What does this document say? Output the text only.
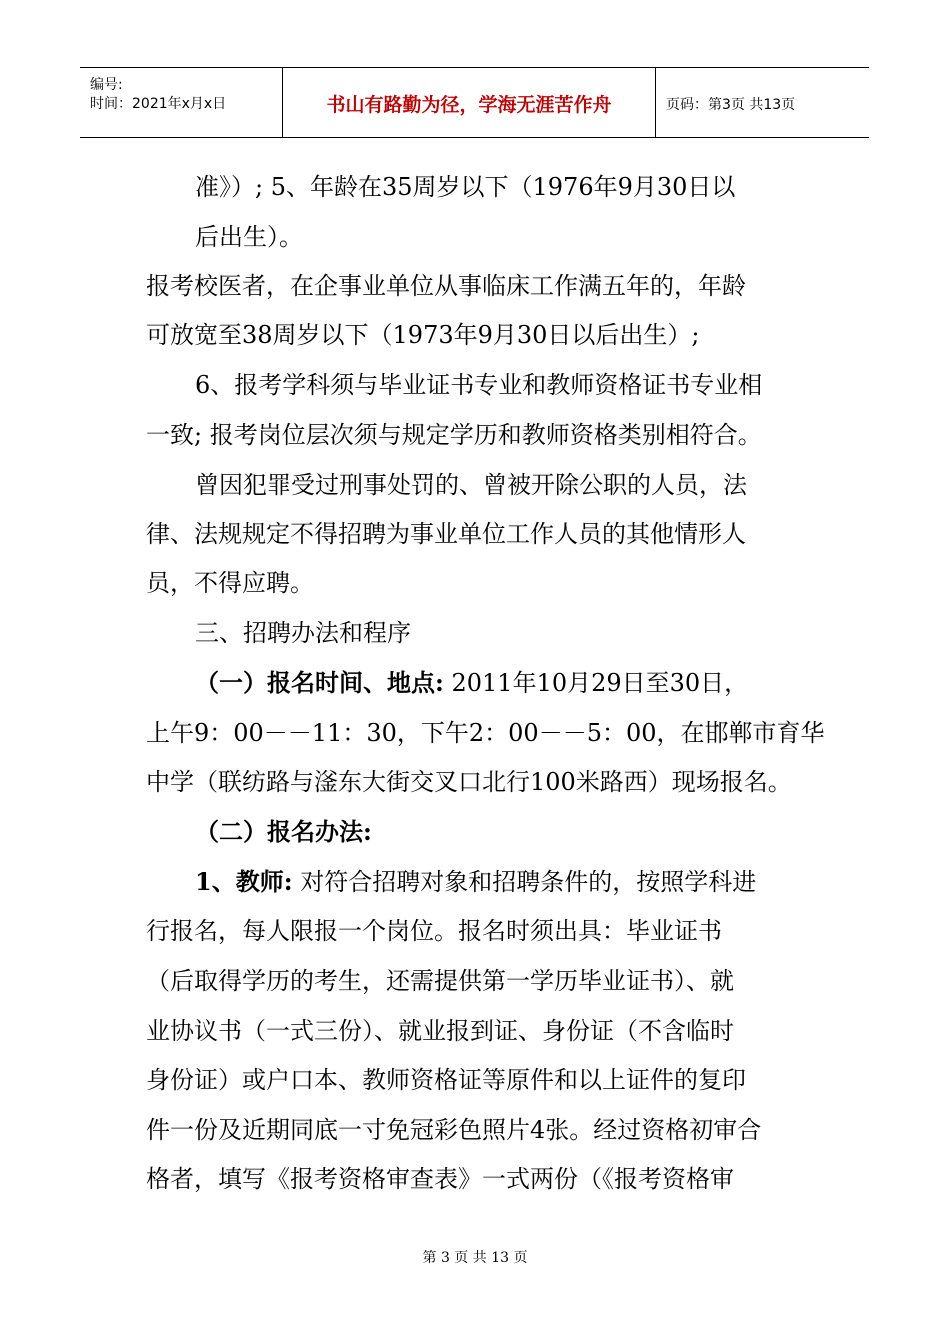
编号:
时间：2021年x月x日	书山有路勤为径，学海无涯苦作舟	页码：第3页 共13页
准》）; 5、年龄在35周岁以下（1976年9月30日以
后出生）。
报考校医者，在企事业单位从事临床工作满五年的，年龄
可放宽至38周岁以下（1973年9月30日以后出生）;
6、报考学科须与毕业证书专业和教师资格证书专业相
一致; 报考岗位层次须与规定学历和教师资格类别相符合。
曾因犯罪受过刑事处罚的、曾被开除公职的人员，法
律、法规规定不得招聘为事业单位工作人员的其他情形人
员，不得应聘。
三、招聘办法和程序
（一）报名时间、地点: 2011年10月29日至30日，
上午9：00－－11：30，下午2：00－－5：00，在邯郸市育华
中学（联纺路与滏东大街交叉口北行100米路西）现场报名。
（二）报名办法:
1、教师: 对符合招聘对象和招聘条件的，按照学科进
行报名，每人限报一个岗位。报名时须出具：毕业证书
（后取得学历的考生，还需提供第一学历毕业证书）、就
业协议书（一式三份）、就业报到证、身份证（不含临时
身份证）或户口本、教师资格证等原件和以上证件的复印
件一份及近期同底一寸免冠彩色照片4张。经过资格初审合
格者，填写《报考资格审查表》一式两份（《报考资格审
第 3 页 共 13 页
